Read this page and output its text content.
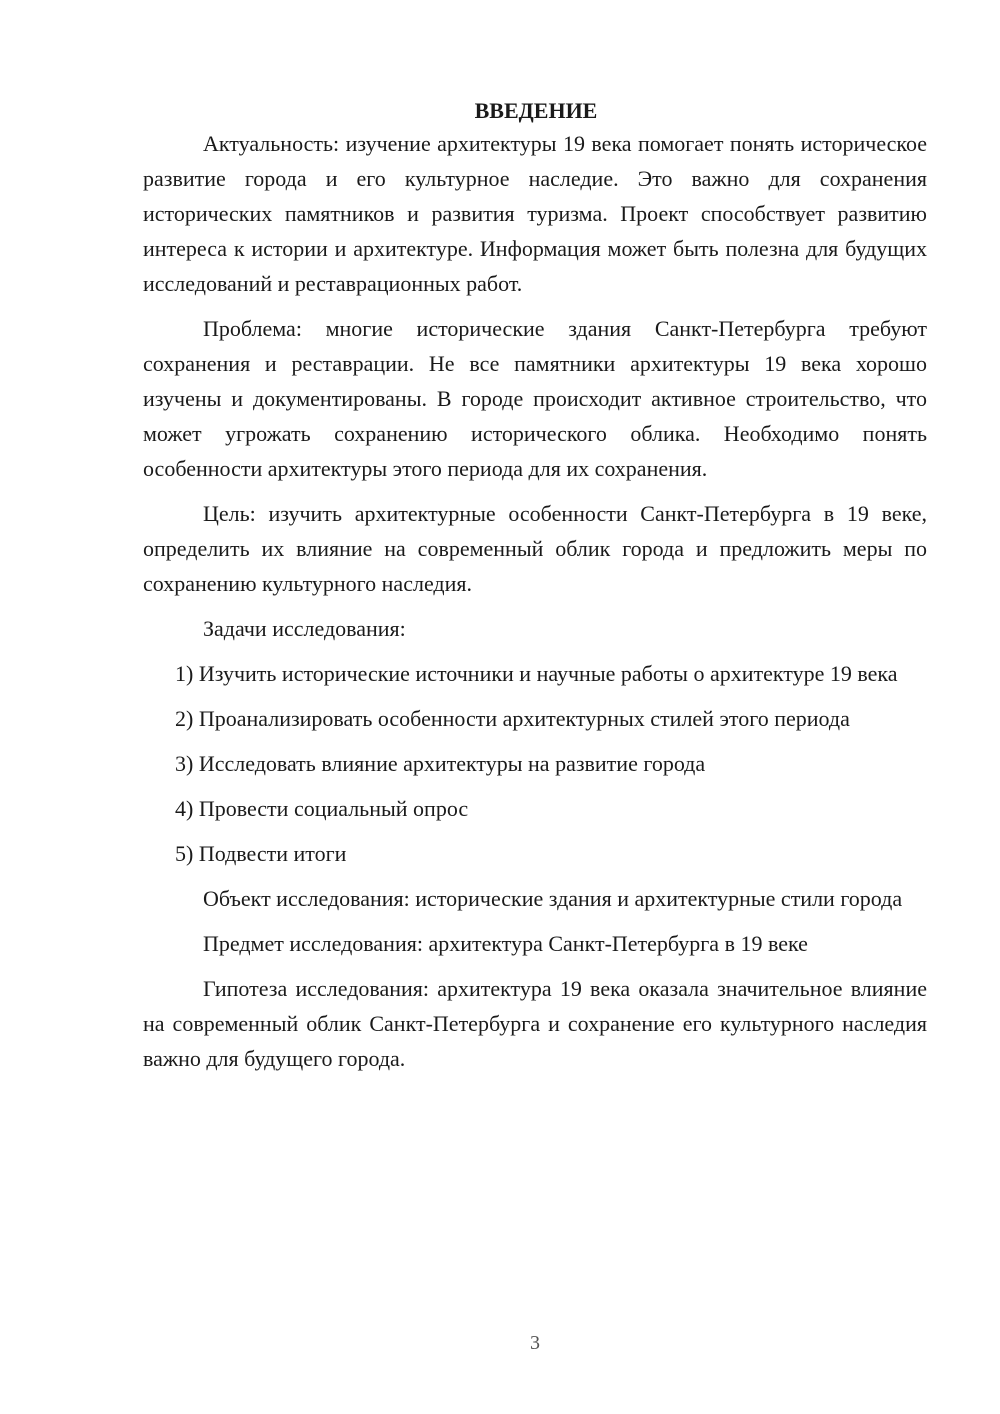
ВВЕДЕНИЕ

Актуальность: изучение архитектуры 19 века помогает понять историческое развитие города и его культурное наследие. Это важно для сохранения исторических памятников и развития туризма. Проект способствует развитию интереса к истории и архитектуре. Информация может быть полезна для будущих исследований и реставрационных работ.

Проблема: многие исторические здания Санкт-Петербурга требуют сохранения и реставрации. Не все памятники архитектуры 19 века хорошо изучены и документированы. В городе происходит активное строительство, что может угрожать сохранению исторического облика. Необходимо понять особенности архитектуры этого периода для их сохранения.

Цель: изучить архитектурные особенности Санкт-Петербурга в 19 веке, определить их влияние на современный облик города и предложить меры по сохранению культурного наследия.

Задачи исследования:

1) Изучить исторические источники и научные работы о архитектуре 19 века

2) Проанализировать особенности архитектурных стилей этого периода

3) Исследовать влияние архитектуры на развитие города

4) Провести социальный опрос

5) Подвести итоги

Объект исследования: исторические здания и архитектурные стили города

Предмет исследования: архитектура Санкт-Петербурга в 19 веке

Гипотеза исследования: архитектура 19 века оказала значительное влияние на современный облик Санкт-Петербурга и сохранение его культурного наследия важно для будущего города.

3
